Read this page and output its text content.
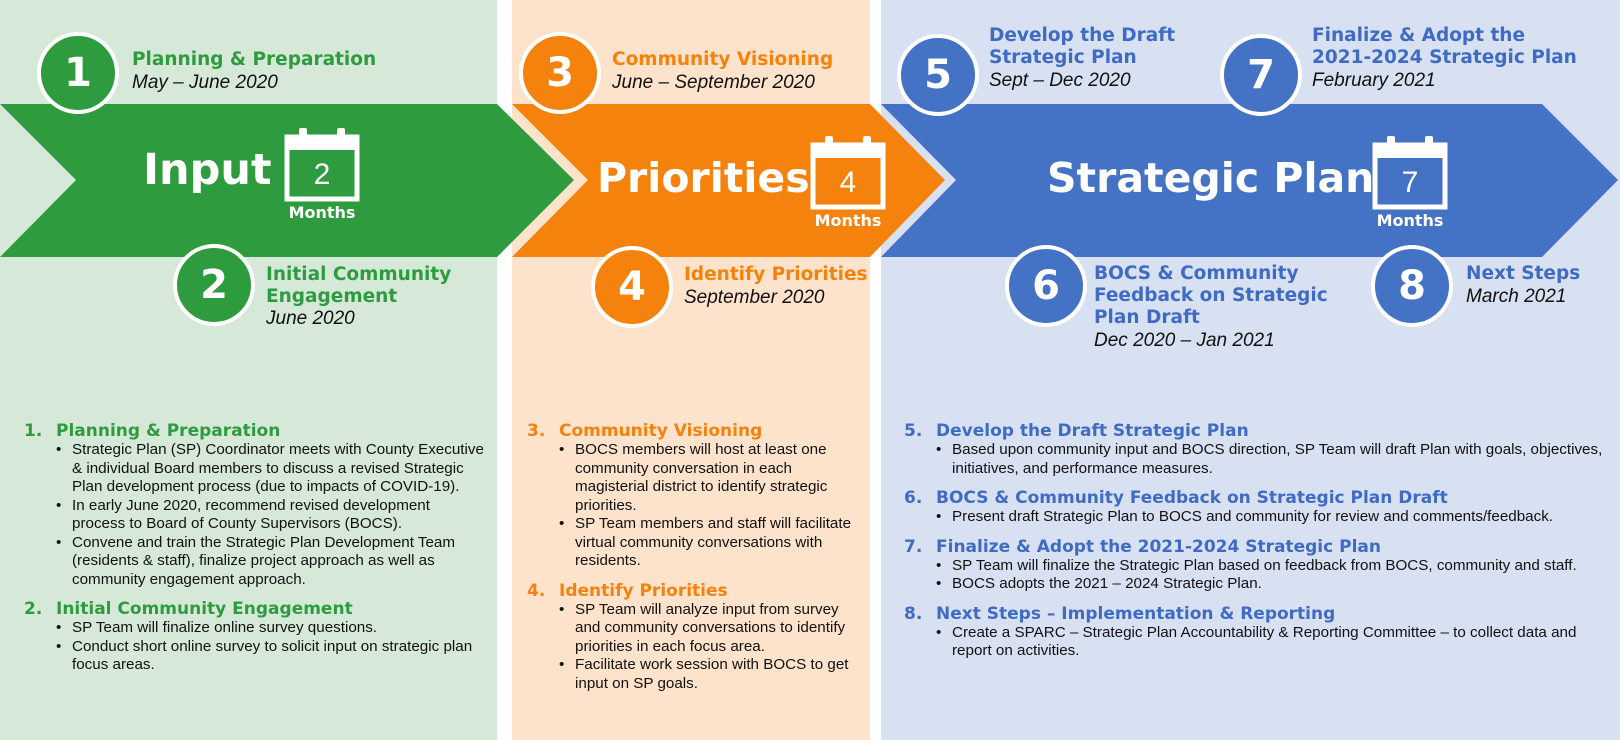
Input	Priorities	Strategic Plan
2
Months
4
Months
7
Months
1
2
3
4
5
6
7
8
Planning & Preparation
May – June 2020
Initial Community Engagement
June 2020
Community Visioning
June – September 2020
Identify Priorities
September 2020
Develop the Draft Strategic Plan
Sept – Dec 2020
BOCS & Community Feedback on Strategic Plan Draft
Dec 2020 – Jan 2021
Finalize & Adopt the 2021-2024 Strategic Plan
February 2021
Next Steps
March 2021
1. Planning & Preparation
• Strategic Plan (SP) Coordinator meets with County Executive & individual Board members to discuss a revised Strategic Plan development process (due to impacts of COVID-19).
• In early June 2020, recommend revised development process to Board of County Supervisors (BOCS).
• Convene and train the Strategic Plan Development Team (residents & staff), finalize project approach as well as community engagement approach.
2. Initial Community Engagement
• SP Team will finalize online survey questions.
• Conduct short online survey to solicit input on strategic plan focus areas.
3. Community Visioning
• BOCS members will host at least one community conversation in each magisterial district to identify strategic priorities.
• SP Team members and staff will facilitate virtual community conversations with residents.
4. Identify Priorities
• SP Team will analyze input from survey and community conversations to identify priorities in each focus area.
• Facilitate work session with BOCS to get input on SP goals.
5. Develop the Draft Strategic Plan
• Based upon community input and BOCS direction, SP Team will draft Plan with goals, objectives, initiatives, and performance measures.
6. BOCS & Community Feedback on Strategic Plan Draft
• Present draft Strategic Plan to BOCS and community for review and comments/feedback.
7. Finalize & Adopt the 2021-2024 Strategic Plan
• SP Team will finalize the Strategic Plan based on feedback from BOCS, community and staff.
• BOCS adopts the 2021 – 2024 Strategic Plan.
8. Next Steps – Implementation & Reporting
• Create a SPARC – Strategic Plan Accountability & Reporting Committee – to collect data and report on activities.
